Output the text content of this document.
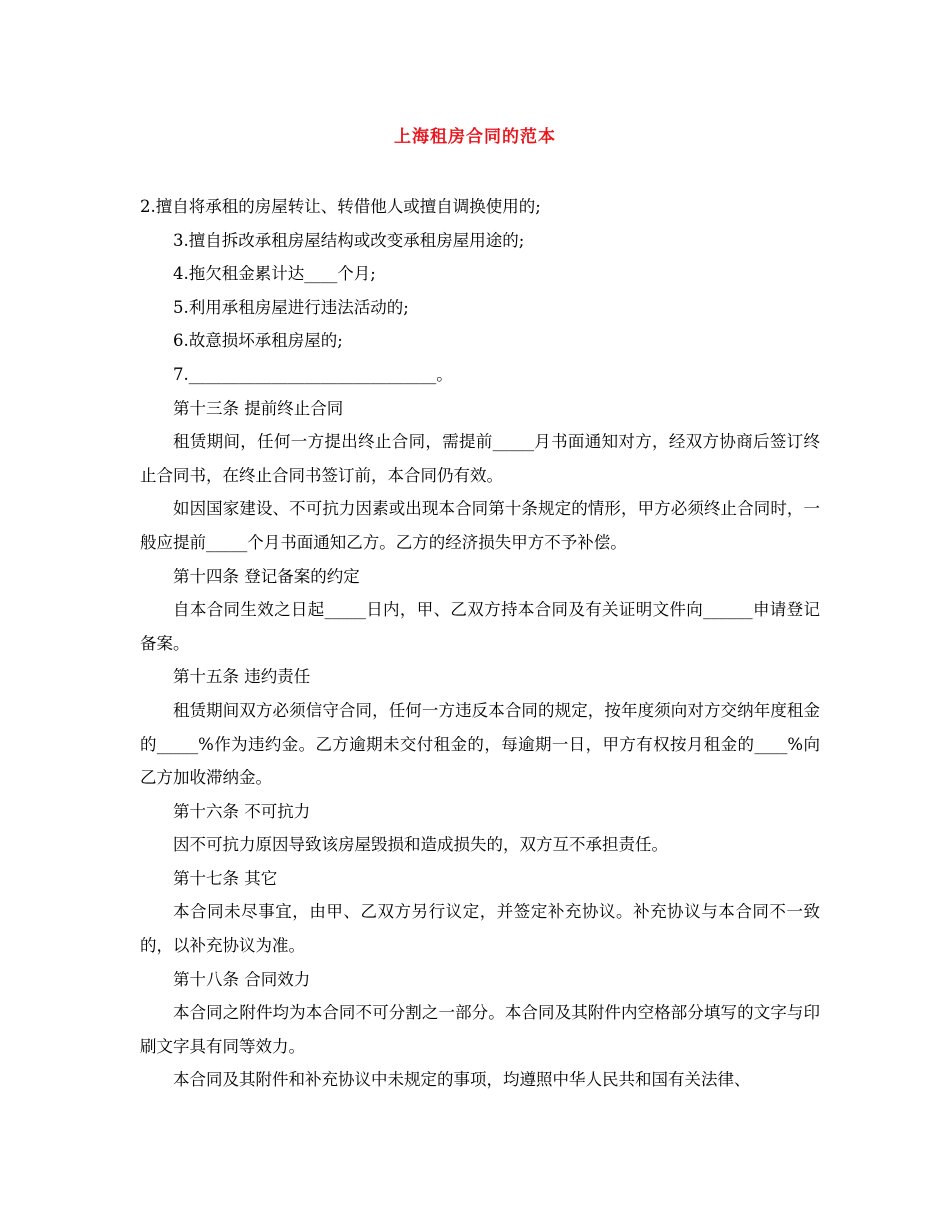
上海租房合同的范本

2.擅自将承租的房屋转让、转借他人或擅自调换使用的;

3.擅自拆改承租房屋结构或改变承租房屋用途的;

4.拖欠租金累计达____个月;

5.利用承租房屋进行违法活动的;

6.故意损坏承租房屋的;

7.______________________________。

第十三条 提前终止合同

租赁期间，任何一方提出终止合同，需提前_____月书面通知对方，经双方协商后签订终止合同书，在终止合同书签订前，本合同仍有效。

如因国家建设、不可抗力因素或出现本合同第十条规定的情形，甲方必须终止合同时，一般应提前_____个月书面通知乙方。乙方的经济损失甲方不予补偿。

第十四条 登记备案的约定

自本合同生效之日起_____日内，甲、乙双方持本合同及有关证明文件向______申请登记备案。

第十五条 违约责任

租赁期间双方必须信守合同，任何一方违反本合同的规定，按年度须向对方交纳年度租金的_____%作为违约金。乙方逾期未交付租金的，每逾期一日，甲方有权按月租金的____%向乙方加收滞纳金。

第十六条 不可抗力

因不可抗力原因导致该房屋毁损和造成损失的，双方互不承担责任。

第十七条 其它

本合同未尽事宜，由甲、乙双方另行议定，并签定补充协议。补充协议与本合同不一致的，以补充协议为准。

第十八条 合同效力

本合同之附件均为本合同不可分割之一部分。本合同及其附件内空格部分填写的文字与印刷文字具有同等效力。

本合同及其附件和补充协议中未规定的事项，均遵照中华人民共和国有关法律、
